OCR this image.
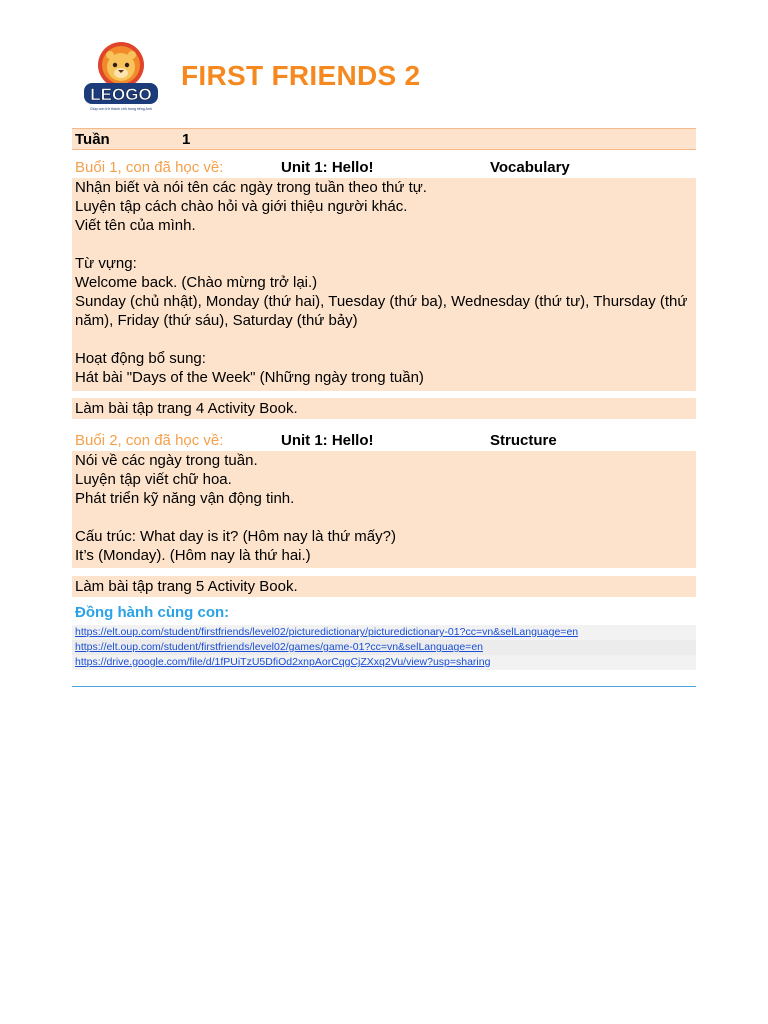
LEOGO
Giúp con trở thành chủ trong tiếng Anh
FIRST FRIENDS 2
Tuần	1
Buổi 1, con đã học về:	Unit 1: Hello!	Vocabulary
Nhận biết và nói tên các ngày trong tuần theo thứ tự.
Luyện tập cách chào hỏi và giới thiệu người khác.
Viết tên của mình.
Từ vựng:
Welcome back. (Chào mừng trở lại.)
Sunday (chủ nhật), Monday (thứ hai), Tuesday (thứ ba), Wednesday (thứ tư), Thursday (thứ năm), Friday (thứ sáu), Saturday (thứ bảy)
Hoạt động bổ sung:
Hát bài "Days of the Week" (Những ngày trong tuần)
Làm bài tập trang 4 Activity Book.
Buổi 2, con đã học về:	Unit 1: Hello!	Structure
Nói về các ngày trong tuần.
Luyện tập viết chữ hoa.
Phát triển kỹ năng vận động tinh.
Cấu trúc: What day is it? (Hôm nay là thứ mấy?)
It’s (Monday). (Hôm nay là thứ hai.)
Làm bài tập trang 5 Activity Book.
Đồng hành cùng con:
https://elt.oup.com/student/firstfriends/level02/picturedictionary/picturedictionary-01?cc=vn&selLanguage=en
https://elt.oup.com/student/firstfriends/level02/games/game-01?cc=vn&selLanguage=en
https://drive.google.com/file/d/1fPUiTzU5DfiOd2xnpAorCqgCjZXxq2Vu/view?usp=sharing
